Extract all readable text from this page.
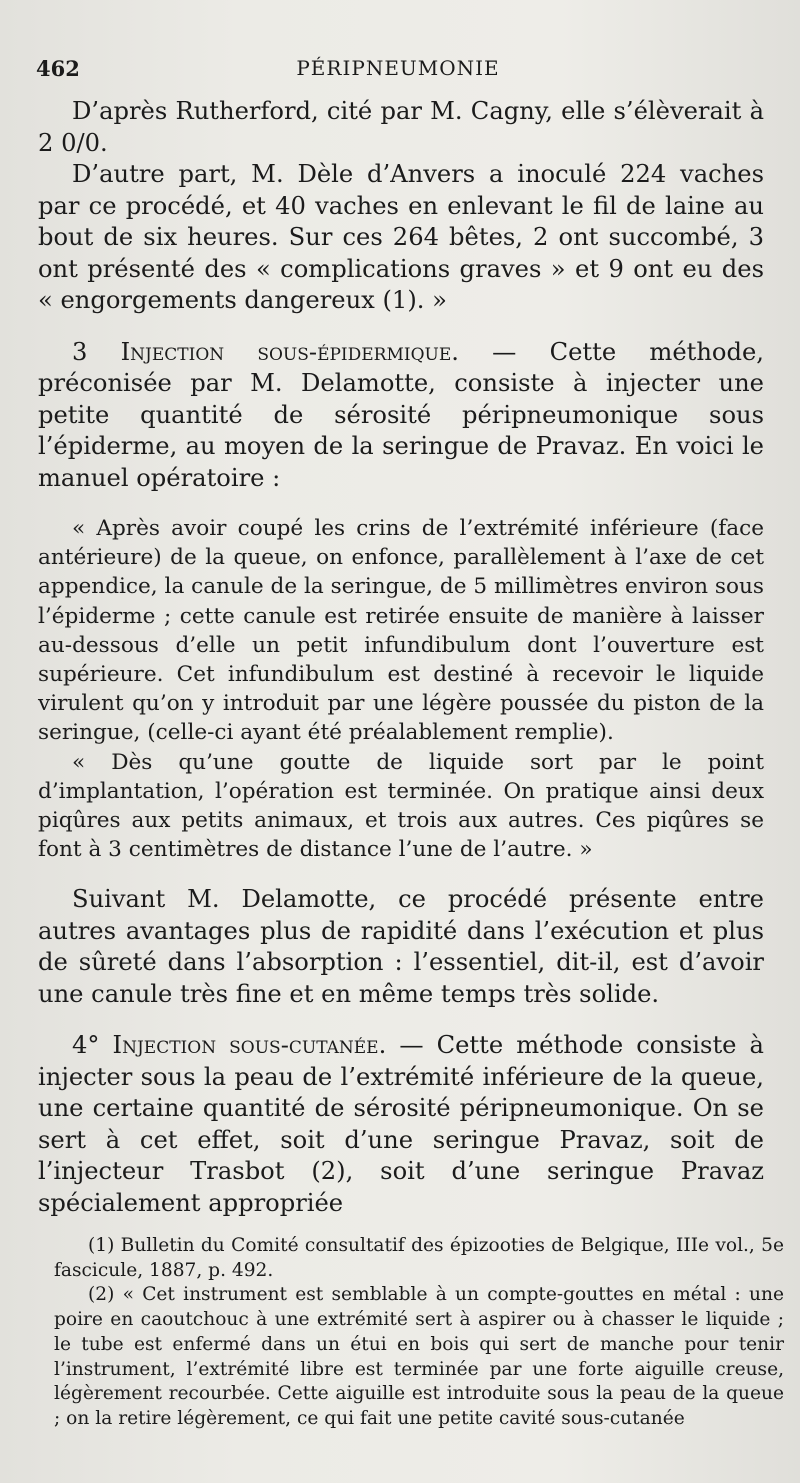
462	PÉRIPNEUMONIE

D’après Rutherford, cité par M. Cagny, elle s’élèverait à 2 0/0.

D’autre part, M. Dèle d’Anvers a inoculé 224 vaches par ce procédé, et 40 vaches en enlevant le fil de laine au bout de six heures. Sur ces 264 bêtes, 2 ont succombé, 3 ont présenté des « complications graves » et 9 ont eu des « engorgements dangereux (1). »

3 Injection sous-épidermique. — Cette méthode, préconisée par M. Delamotte, consiste à injecter une petite quantité de sérosité péripneumonique sous l’épiderme, au moyen de la seringue de Pravaz. En voici le manuel opératoire :

« Après avoir coupé les crins de l’extrémité inférieure (face antérieure) de la queue, on enfonce, parallèlement à l’axe de cet appendice, la canule de la seringue, de 5 millimètres environ sous l’épiderme ; cette canule est retirée ensuite de manière à laisser au-dessous d’elle un petit infundibulum dont l’ouverture est supérieure. Cet infundibulum est destiné à recevoir le liquide virulent qu’on y introduit par une légère poussée du piston de la seringue, (celle-ci ayant été préalablement remplie).

« Dès qu’une goutte de liquide sort par le point d’implantation, l’opération est terminée. On pratique ainsi deux piqûres aux petits animaux, et trois aux autres. Ces piqûres se font à 3 centimètres de distance l’une de l’autre. »

Suivant M. Delamotte, ce procédé présente entre autres avantages plus de rapidité dans l’exécution et plus de sûreté dans l’absorption : l’essentiel, dit-il, est d’avoir une canule très fine et en même temps très solide.

4° Injection sous-cutanée. — Cette méthode consiste à injecter sous la peau de l’extrémité inférieure de la queue, une certaine quantité de sérosité péripneumonique. On se sert à cet effet, soit d’une seringue Pravaz, soit de l’injecteur Trasbot (2), soit d’une seringue Pravaz spécialement appropriée

(1) Bulletin du Comité consultatif des épizooties de Belgique, IIIe vol., 5e fascicule, 1887, p. 492.

(2) « Cet instrument est semblable à un compte-gouttes en métal : une poire en caoutchouc à une extrémité sert à aspirer ou à chasser le liquide ; le tube est enfermé dans un étui en bois qui sert de manche pour tenir l’instrument, l’extrémité libre est terminée par une forte aiguille creuse, légèrement recourbée. Cette aiguille est introduite sous la peau de la queue ; on la retire légèrement, ce qui fait une petite cavité sous-cutanée
